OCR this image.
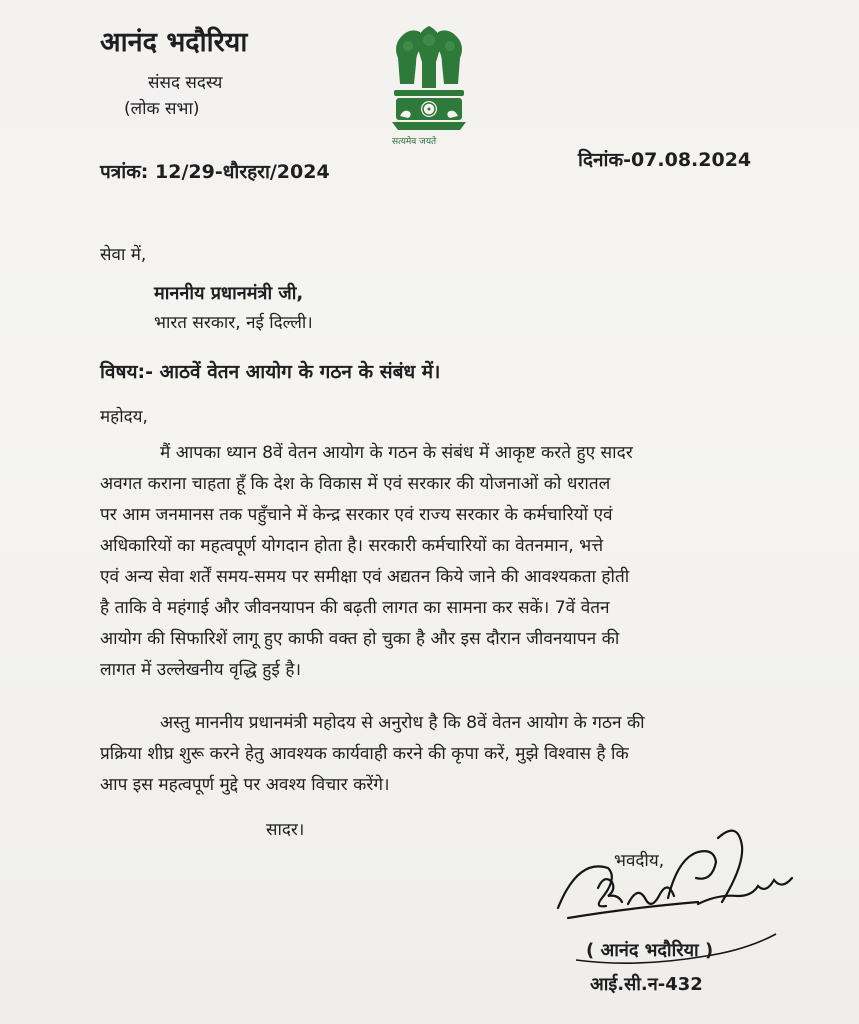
आनंद भदौरिया
संसद सदस्य
(लोक सभा)
सत्यमेव जयते
पत्रांक: 12/29-धौरहरा/2024
दिनांक-07.08.2024
सेवा में,
माननीय प्रधानमंत्री जी,
भारत सरकार, नई दिल्ली।
विषय:- आठवें वेतन आयोग के गठन के संबंध में।
महोदय,
मैं आपका ध्यान 8वें वेतन आयोग के गठन के संबंध में आकृष्ट करते हुए सादर
अवगत कराना चाहता हूँ कि देश के विकास में एवं सरकार की योजनाओं को धरातल
पर आम जनमानस तक पहुँचाने में केन्द्र सरकार एवं राज्य सरकार के कर्मचारियों एवं
अधिकारियों का महत्वपूर्ण योगदान होता है। सरकारी कर्मचारियों का वेतनमान, भत्ते
एवं अन्य सेवा शर्तें समय-समय पर समीक्षा एवं अद्यतन किये जाने की आवश्यकता होती
है ताकि वे महंगाई और जीवनयापन की बढ़ती लागत का सामना कर सकें। 7वें वेतन
आयोग की सिफारिशें लागू हुए काफी वक्त हो चुका है और इस दौरान जीवनयापन की
लागत में उल्लेखनीय वृद्धि हुई है।
अस्तु माननीय प्रधानमंत्री महोदय से अनुरोध है कि 8वें वेतन आयोग के गठन की
प्रक्रिया शीघ्र शुरू करने हेतु आवश्यक कार्यवाही करने की कृपा करें, मुझे विश्वास है कि
आप इस महत्वपूर्ण मुद्दे पर अवश्य विचार करेंगे।
सादर।
भवदीय,
( आनंद भदौरिया )
आई.सी.न-432
